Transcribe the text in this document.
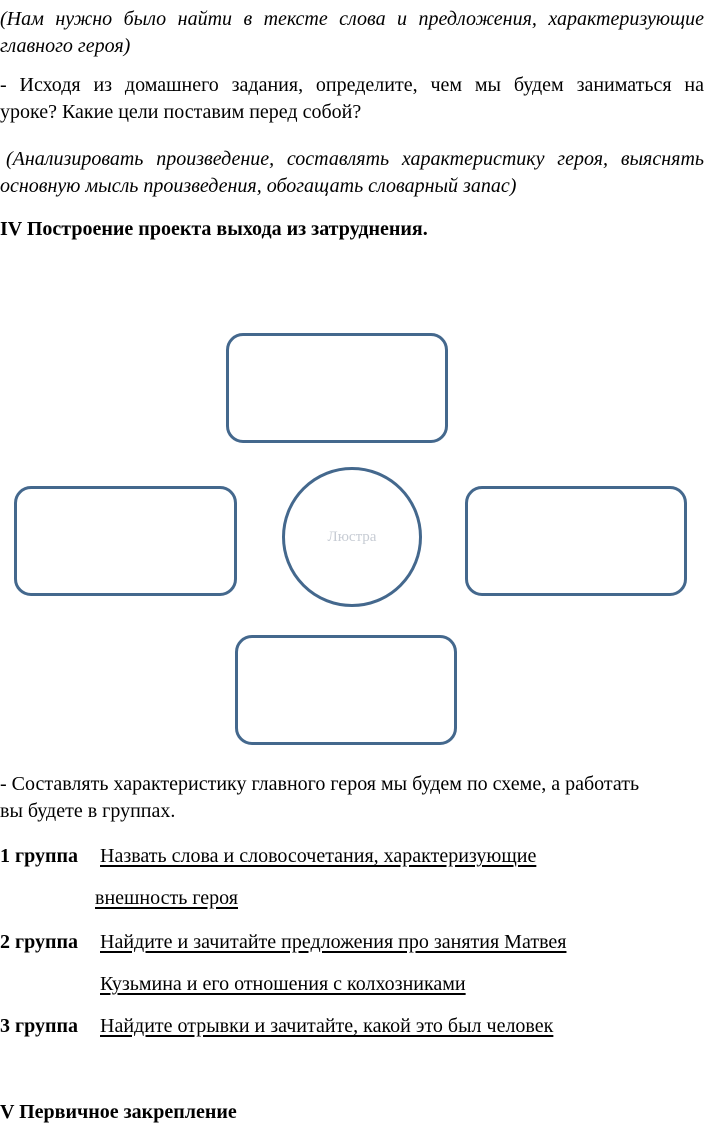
(Нам нужно было найти в тексте слова и предложения, характеризующие
главного героя)
- Исходя из домашнего задания, определите, чем мы будем заниматься на
уроке? Какие цели поставим перед собой?
(Анализировать произведение, составлять характеристику героя, выяснять
основную мысль произведения, обогащать словарный запас)
IV Построение проекта выхода из затруднения.
Люстра
- Составлять характеристику главного героя мы будем по схеме, а работать
вы будете в группах.
1 группа Назвать слова и словосочетания, характеризующие
внешность героя
2 группа Найдите и зачитайте предложения про занятия Матвея
Кузьмина и его отношения с колхозниками
3 группа Найдите отрывки и зачитайте, какой это был человек
V Первичное закрепление
